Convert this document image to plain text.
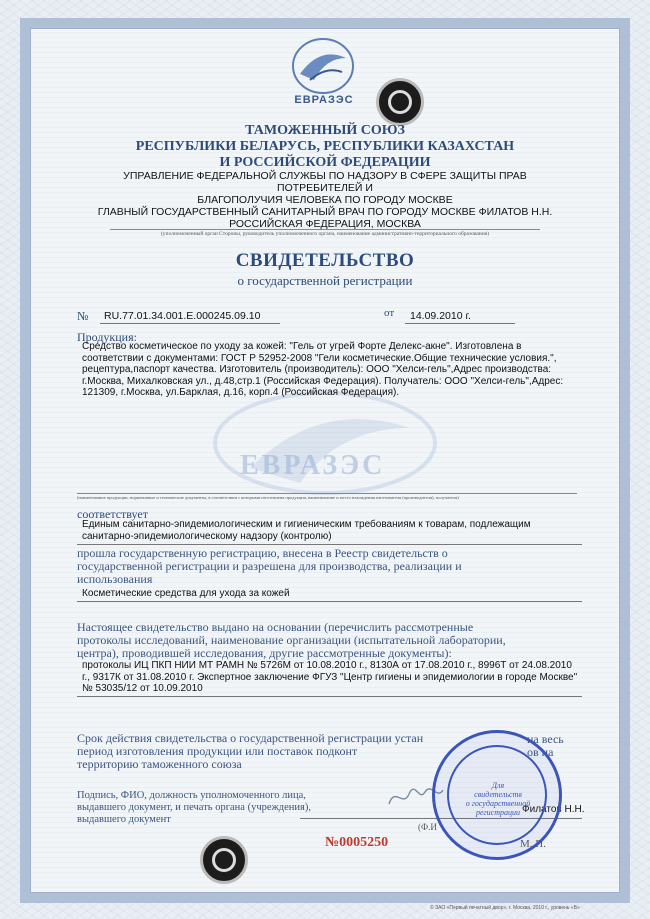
ЕВРАЗЭС
ТАМОЖЕННЫЙ СОЮЗ
РЕСПУБЛИКИ БЕЛАРУСЬ, РЕСПУБЛИКИ КАЗАХСТАН
И РОССИЙСКОЙ ФЕДЕРАЦИИ
УПРАВЛЕНИЕ ФЕДЕРАЛЬНОЙ СЛУЖБЫ ПО НАДЗОРУ В СФЕРЕ ЗАЩИТЫ ПРАВ ПОТРЕБИТЕЛЕЙ И
БЛАГОПОЛУЧИЯ ЧЕЛОВЕКА ПО ГОРОДУ МОСКВЕ
ГЛАВНЫЙ ГОСУДАРСТВЕННЫЙ САНИТАРНЫЙ ВРАЧ ПО ГОРОДУ МОСКВЕ ФИЛАТОВ Н.Н.
РОССИЙСКАЯ ФЕДЕРАЦИЯ, МОСКВА
(уполномоченный орган Стороны, руководитель уполномоченного органа, наименование административно-территориального образования)
СВИДЕТЕЛЬСТВО
о государственной регистрации
№ RU.77.01.34.001.Е.000245.09.10	от 14.09.2010 г.
ЕВРАЗЭС
Продукция:
Средство косметическое по уходу за кожей: "Гель от угрей Форте Делекс-акне". Изготовлена в
соответствии с документами: ГОСТ Р 52952-2008 "Гели косметические.Общие технические условия.",
рецептура,паспорт качества. Изготовитель (производитель): ООО "Хелси-гель",Адрес производства:
г.Москва, Михалковская ул., д.48,стр.1 (Российская Федерация). Получатель: ООО "Хелси-гель",Адрес:
121309, г.Москва, ул.Барклая, д.16, корп.4 (Российская Федерация).
(наименование продукции, нормативные и технические документы, в соответствии с которыми изготовлена продукция, наименование и место нахождения изготовителя (производителя), получателя)
соответствует
Единым санитарно-эпидемиологическим и гигиеническим требованиям к товарам, подлежащим
санитарно-эпидемиологическому надзору (контролю)
прошла государственную регистрацию, внесена в Реестр свидетельств о
государственной регистрации и разрешена для производства, реализации и
использования
Косметические средства для ухода за кожей
Настоящее свидетельство выдано на основании (перечислить рассмотренные
протоколы исследований, наименование организации (испытательной лаборатории,
центра), проводившей исследования, другие рассмотренные документы):
протоколы ИЦ ПКП НИИ МТ РАМН № 5726М от 10.08.2010 г., 8130А от 17.08.2010 г., 8996Т от 24.08.2010
г., 9317К от 31.08.2010 г. Экспертное заключение ФГУЗ "Центр гигиены и эпидемиологии в городе Москве"
№ 53035/12 от 10.09.2010
Срок действия свидетельства о государственной регистрации устан
период изготовления продукции или поставок подконт
территорию таможенного союза
на весь
ов на
Подпись, ФИО, должность уполномоченного лица,
выдавшего документ, и печать органа (учреждения),
выдавшего документ
Филатов Н.Н.
(Ф.И
М. П.
Для
свидетельств
о государственной
регистрации
№0005250
© ЗАО «Первый печатный двор», г. Москва, 2010 г., уровень «В»
